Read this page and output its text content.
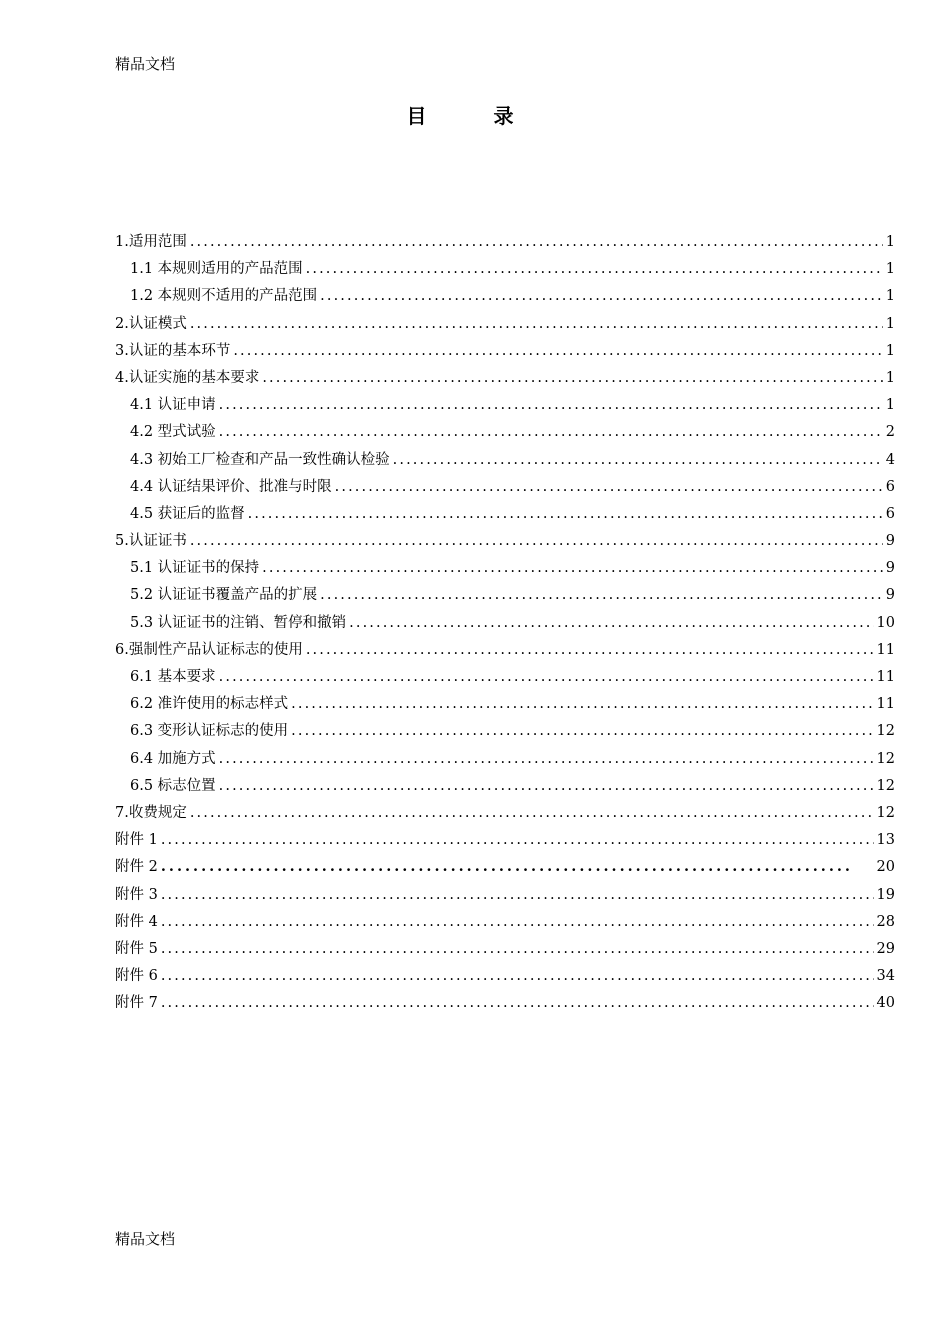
精品文档
目 录
1.适用范围 .....	1
1.1 本规则适用的产品范围 .....	1
1.2 本规则不适用的产品范围 .....	1
2.认证模式 .....	1
3.认证的基本环节 .....	1
4.认证实施的基本要求 .....	1
4.1 认证申请 .....	1
4.2 型式试验 .....	2
4.3 初始工厂检查和产品一致性确认检验 .....	4
4.4 认证结果评价、批准与时限 .....	6
4.5 获证后的监督 .....	6
5.认证证书 .....	9
5.1 认证证书的保持 .....	9
5.2 认证证书覆盖产品的扩展 .....	9
5.3 认证证书的注销、暂停和撤销 .....	10
6.强制性产品认证标志的使用 .....	11
6.1 基本要求 .....	11
6.2 准许使用的标志样式 .....	11
6.3 变形认证标志的使用 .....	12
6.4 加施方式 .....	12
6.5 标志位置 .....	12
7.收费规定 .....	12
附件 1 .....	13
附件 2 .....	20
附件 3 .....	19
附件 4 .....	28
附件 5 .....	29
附件 6 .....	34
附件 7 .....	40
精品文档
